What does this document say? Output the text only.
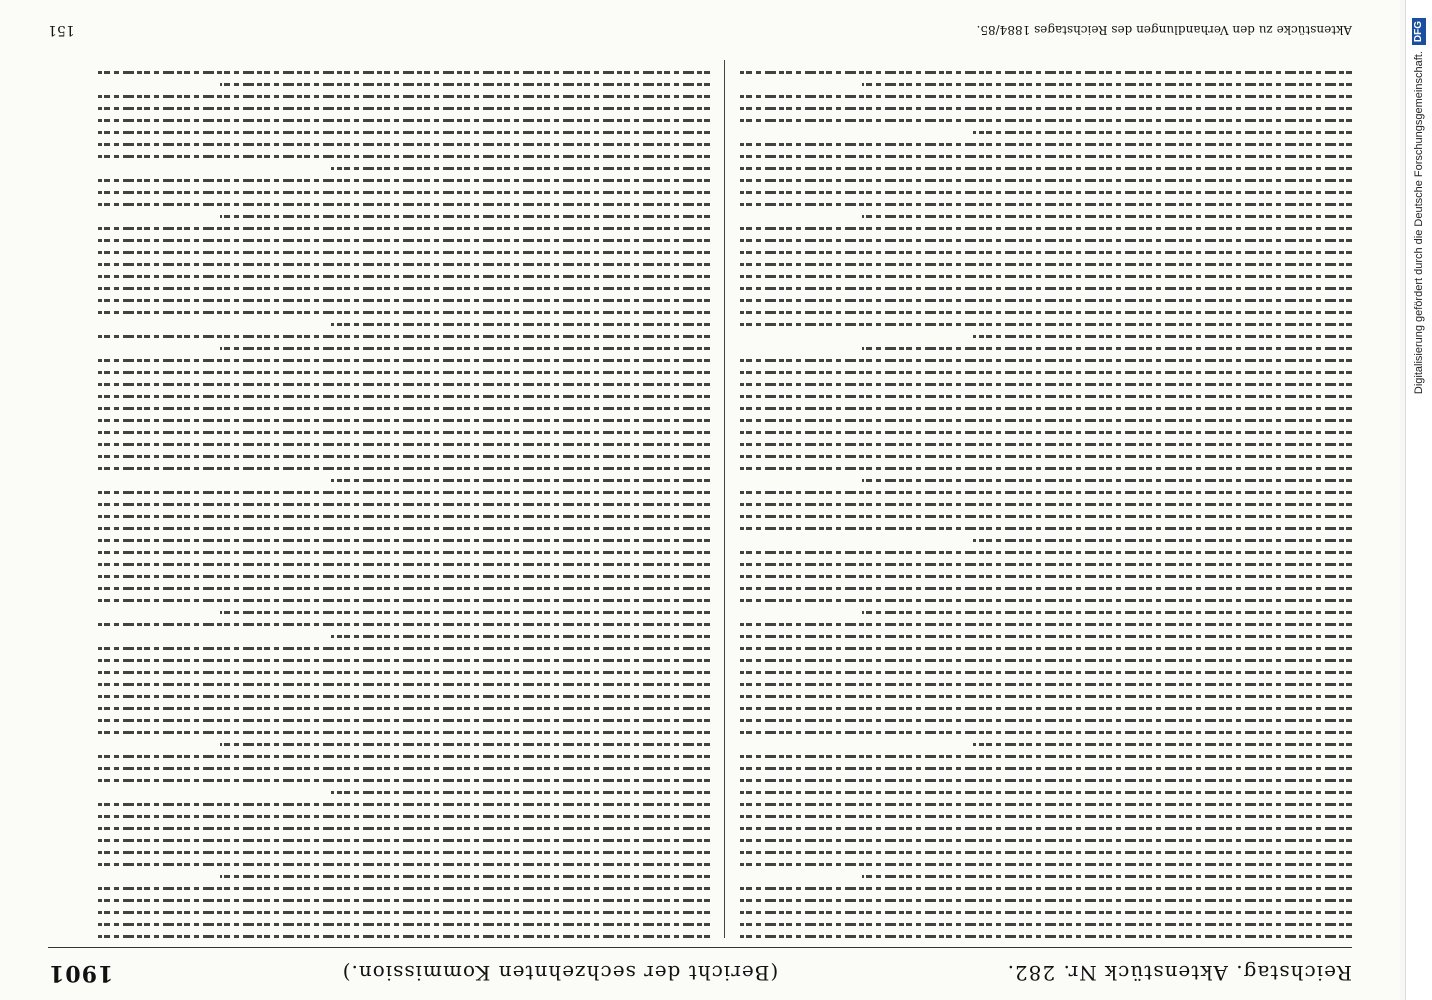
Reichstag. Aktenstück Nr. 282.
(Bericht der sechzehnten Kommission.)
1901
Aktenstücke zu den Verhandlungen des Reichstages 1884/85.
151
Digitalisierung gefördert durch die Deutsche Forschungsgemeinschaft.
DFG
